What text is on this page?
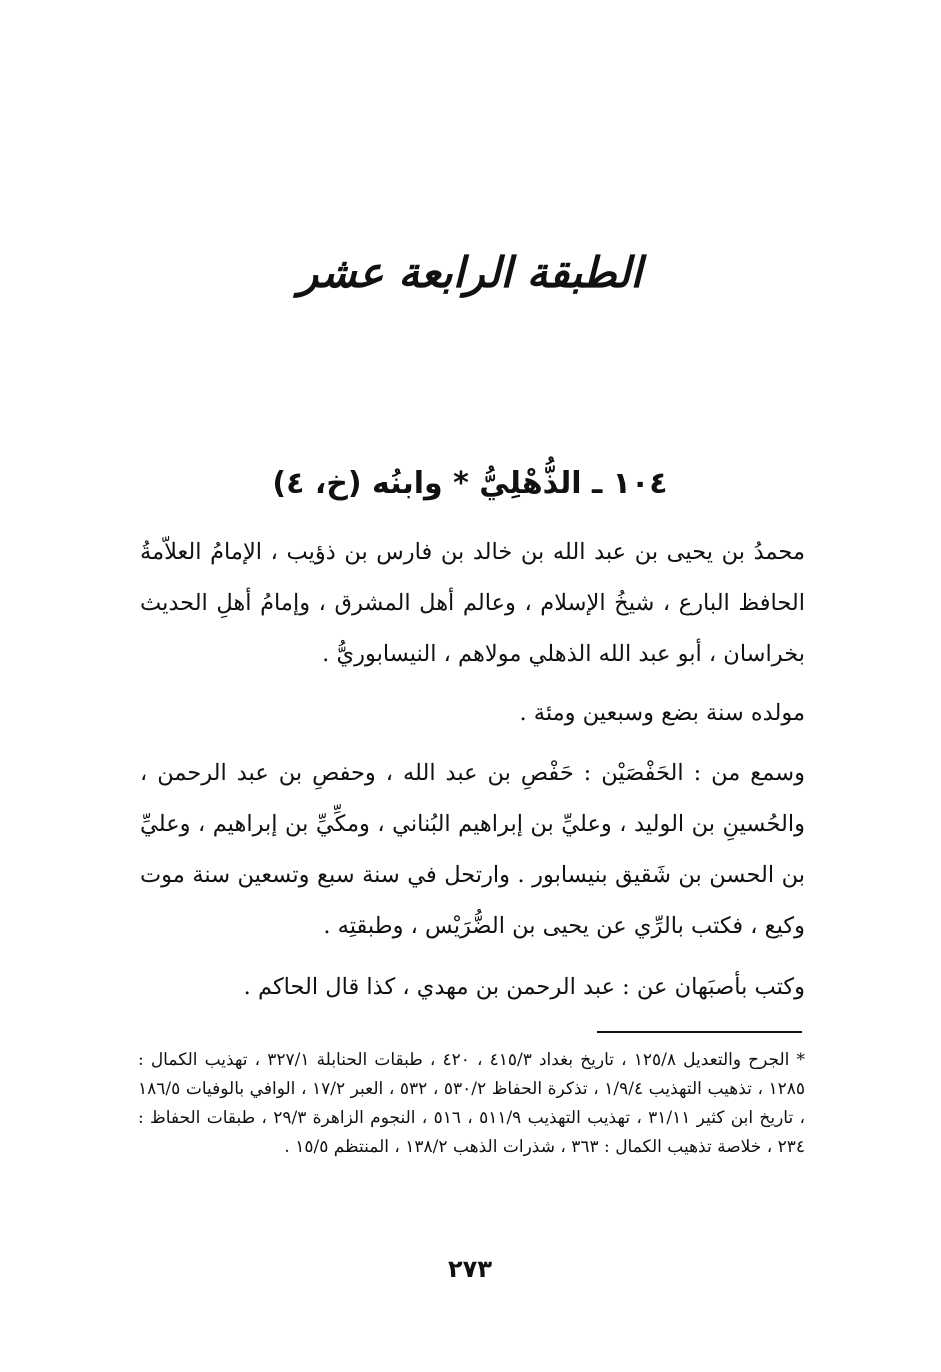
الطبقة الرابعة عشر
١٠٤ ـ الذُّهْلِيُّ * وابنُه (خ، ٤)

محمدُ بن يحيى بن عبد الله بن خالد بن فارس بن ذؤيب ، الإمامُ العلاّمةُ الحافظ البارع ، شيخُ الإسلام ، وعالم أهل المشرق ، وإمامُ أهلِ الحديث بخراسان ، أبو عبد الله الذهلي مولاهم ، النيسابوريُّ .

مولده سنة بضع وسبعين ومئة .

وسمع من : الحَفْصَيْن : حَفْصِ بن عبد الله ، وحفصِ بن عبد الرحمن ، والحُسينِ بن الوليد ، وعليِّ بن إبراهيم البُناني ، ومكِّيِّ بن إبراهيم ، وعليِّ بن الحسن بن شَقيق بنيسابور . وارتحل في سنة سبع وتسعين سنة موت وكيع ، فكتب بالرِّي عن يحيى بن الضُّرَيْس ، وطبقتِه .

وكتب بأصبَهان عن : عبد الرحمن بن مهدي ، كذا قال الحاكم .

* الجرح والتعديل ١٢٥/٨ ، تاريخ بغداد ٤١٥/٣ ، ٤٢٠ ، طبقات الحنابلة ٣٢٧/١ ، تهذيب الكمال : ١٢٨٥ ، تذهيب التهذيب ١/٩/٤ ، تذكرة الحفاظ ٥٣٠/٢ ، ٥٣٢ ، العبر ١٧/٢ ، الوافي بالوفيات ١٨٦/٥ ، تاريخ ابن كثير ٣١/١١ ، تهذيب التهذيب ٥١١/٩ ، ٥١٦ ، النجوم الزاهرة ٢٩/٣ ، طبقات الحفاظ : ٢٣٤ ، خلاصة تذهيب الكمال : ٣٦٣ ، شذرات الذهب ١٣٨/٢ ، المنتظم ١٥/٥ .

٢٧٣
